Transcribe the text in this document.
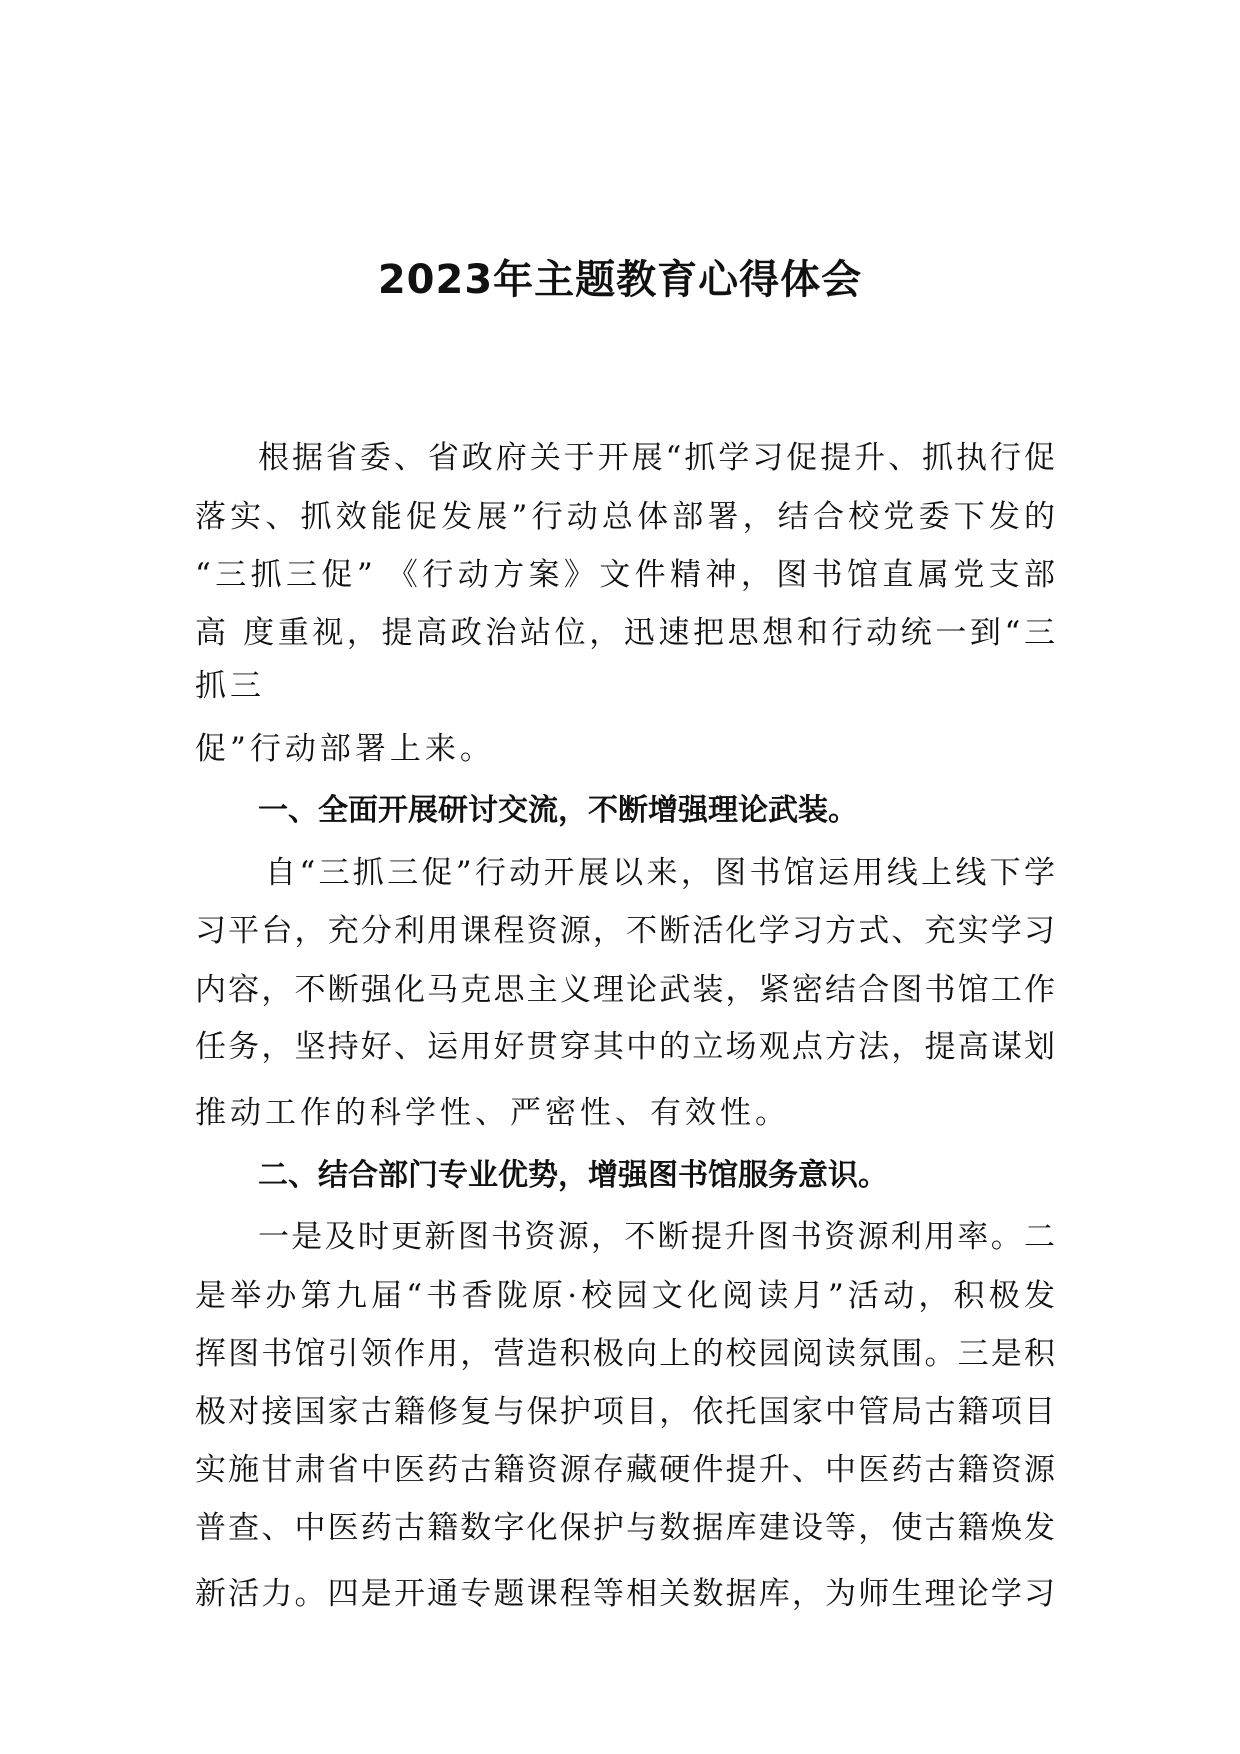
2023年主题教育心得体会

根据省委、省政府关于开展“抓学习促提升、抓执行促

落实、抓效能促发展”行动总体部署，结合校党委下发的

“三抓三促” 《行动方案》文件精神，图书馆直属党支部

高 度重视，提高政治站位，迅速把思想和行动统一到“三

抓三

促”行动部署上来。

一、全面开展研讨交流，不断增强理论武装。

自“三抓三促”行动开展以来，图书馆运用线上线下学

习平台，充分利用课程资源，不断活化学习方式、充实学习

内容，不断强化马克思主义理论武装，紧密结合图书馆工作

任务，坚持好、运用好贯穿其中的立场观点方法，提高谋划

推动工作的科学性、严密性、有效性。

二、结合部门专业优势，增强图书馆服务意识。

一是及时更新图书资源，不断提升图书资源利用率。二

是举办第九届“书香陇原·校园文化阅读月”活动，积极发

挥图书馆引领作用，营造积极向上的校园阅读氛围。三是积

极对接国家古籍修复与保护项目，依托国家中管局古籍项目

实施甘肃省中医药古籍资源存藏硬件提升、中医药古籍资源

普查、中医药古籍数字化保护与数据库建设等，使古籍焕发

新活力。四是开通专题课程等相关数据库，为师生理论学习
